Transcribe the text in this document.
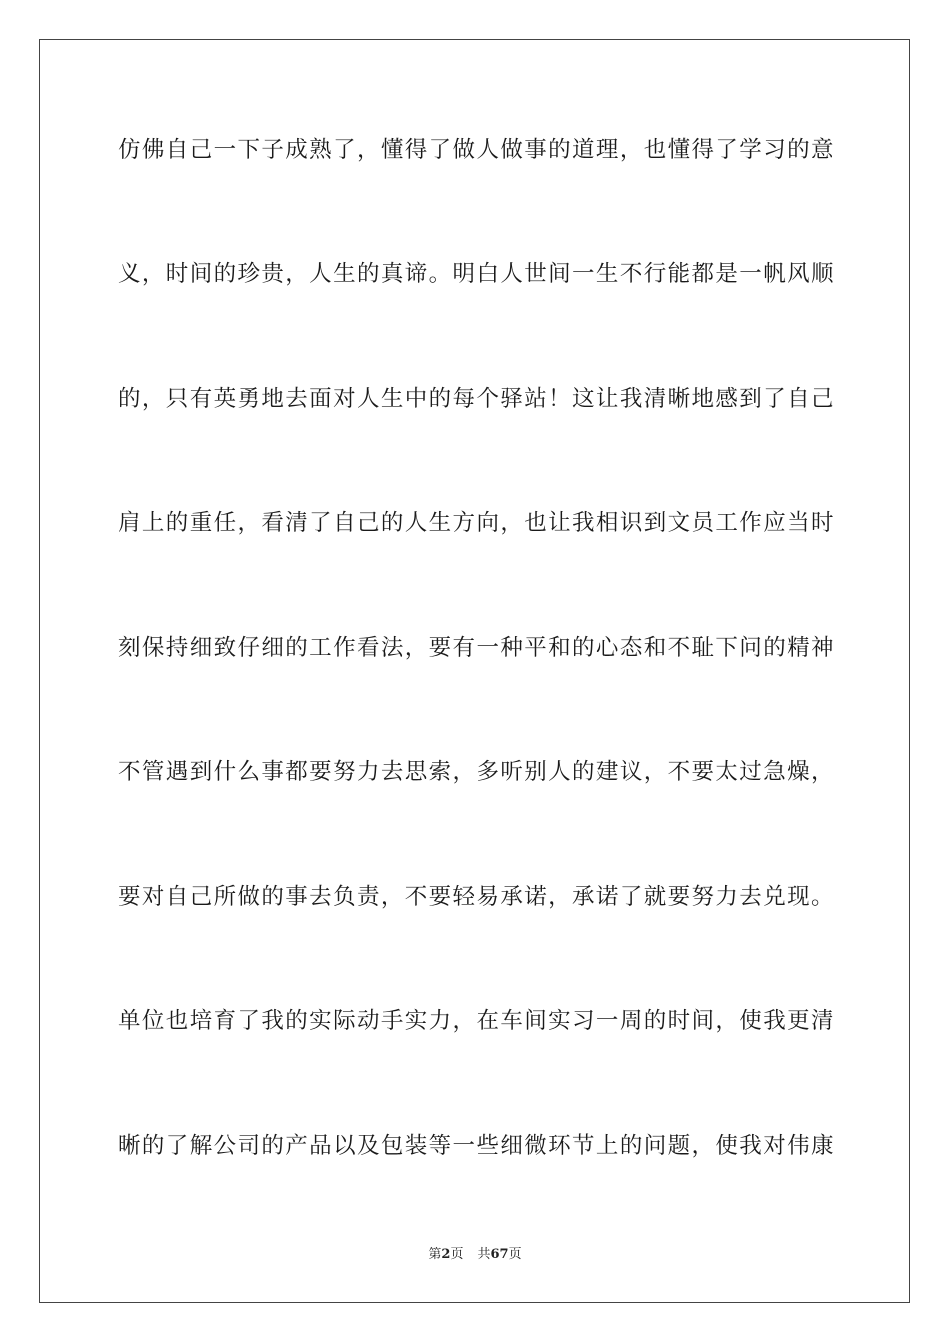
仿佛自己一下子成熟了，懂得了做人做事的道理，也懂得了学习的意
义，时间的珍贵，人生的真谛。明白人世间一生不行能都是一帆风顺
的，只有英勇地去面对人生中的每个驿站！这让我清晰地感到了自己
肩上的重任，看清了自己的人生方向，也让我相识到文员工作应当时
刻保持细致仔细的工作看法，要有一种平和的心态和不耻下问的精神
不管遇到什么事都要努力去思索，多听别人的建议，不要太过急燥，
要对自己所做的事去负责，不要轻易承诺，承诺了就要努力去兑现。
单位也培育了我的实际动手实力，在车间实习一周的时间，使我更清
晰的了解公司的产品以及包装等一些细微环节上的问题，使我对伟康
第2页 共67页
